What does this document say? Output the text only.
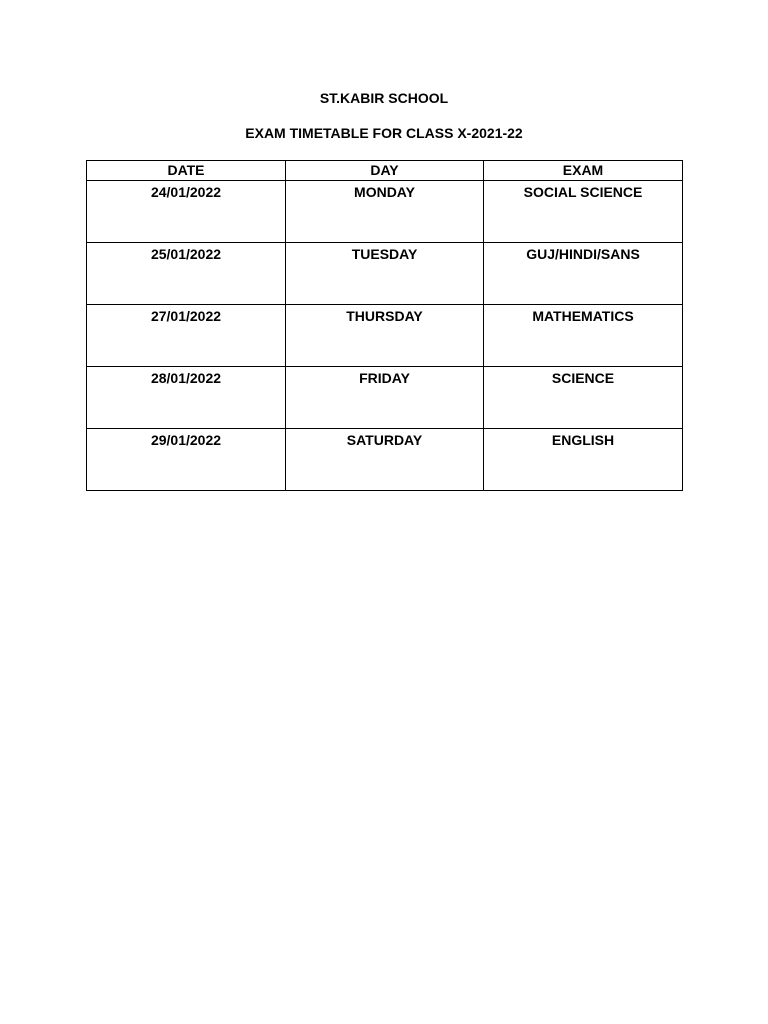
ST.KABIR SCHOOL
EXAM TIMETABLE FOR CLASS X-2021-22
DATE	DAY	EXAM
24/01/2022	MONDAY	SOCIAL SCIENCE
25/01/2022	TUESDAY	GUJ/HINDI/SANS
27/01/2022	THURSDAY	MATHEMATICS
28/01/2022	FRIDAY	SCIENCE
29/01/2022	SATURDAY	ENGLISH
